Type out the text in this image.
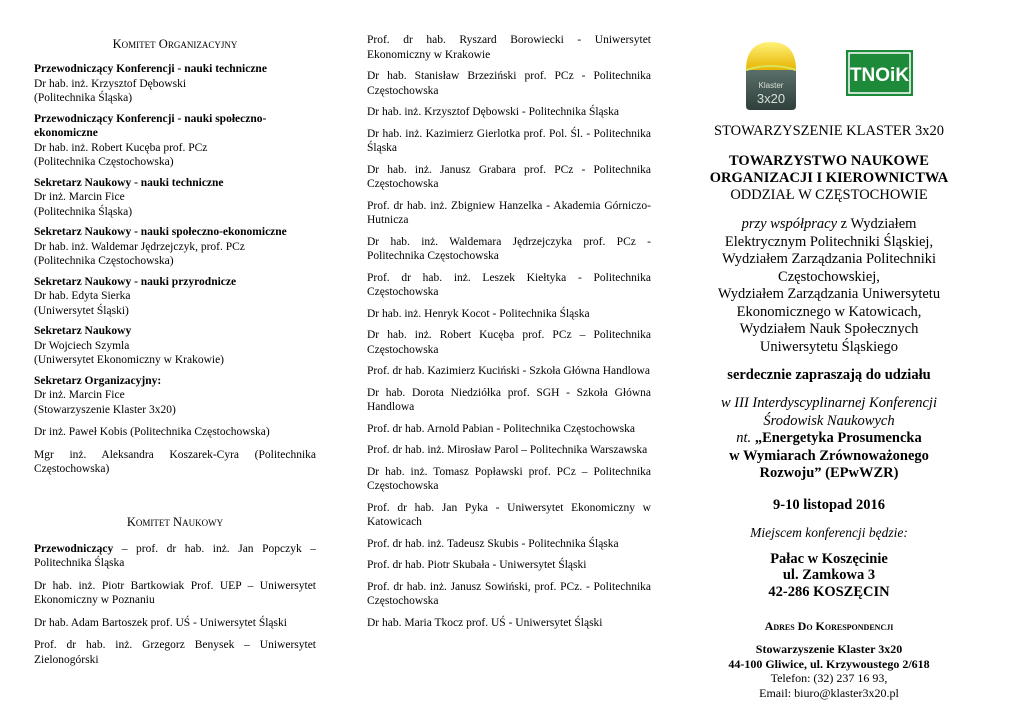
Komitet Organizacyjny

Przewodniczący Konferencji - nauki techniczne

Dr hab. inż. Krzysztof Dębowski

(Politechnika Śląska)

Przewodniczący Konferencji - nauki społeczno-ekonomiczne

Dr hab. inż. Robert Kucęba prof. PCz

(Politechnika Częstochowska)

Sekretarz Naukowy - nauki techniczne

Dr inż. Marcin Fice

(Politechnika Śląska)

Sekretarz Naukowy - nauki społeczno-ekonomiczne

Dr hab. inż. Waldemar Jędrzejczyk, prof. PCz

(Politechnika Częstochowska)

Sekretarz Naukowy - nauki przyrodnicze

Dr hab. Edyta Sierka

(Uniwersytet Śląski)

Sekretarz Naukowy

Dr Wojciech Szymla

(Uniwersytet Ekonomiczny w Krakowie)

Sekretarz Organizacyjny:

Dr inż. Marcin Fice

(Stowarzyszenie Klaster 3x20)

Dr inż. Paweł Kobis (Politechnika Częstochowska)

Mgr inż. Aleksandra Koszarek-Cyra (Politechnika Częstochowska)

Komitet Naukowy

Przewodniczący – prof. dr hab. inż. Jan Popczyk – Politechnika Śląska

Dr hab. inż. Piotr Bartkowiak Prof. UEP – Uniwersytet Ekonomiczny w Poznaniu

Dr hab. Adam Bartoszek prof. UŚ - Uniwersytet Śląski

Prof. dr hab. inż. Grzegorz Benysek – Uniwersytet Zielonogórski

Prof. dr hab. Ryszard Borowiecki - Uniwersytet Ekonomiczny w Krakowie

Dr hab. Stanisław Brzeziński prof. PCz - Politechnika Częstochowska

Dr hab. inż. Krzysztof Dębowski - Politechnika Śląska

Dr hab. inż. Kazimierz Gierlotka prof. Pol. Śl. - Politechnika Śląska

Dr hab. inż. Janusz Grabara prof. PCz - Politechnika Częstochowska

Prof. dr hab. inż. Zbigniew Hanzelka - Akademia Górniczo-Hutnicza

Dr hab. inż. Waldemara Jędrzejczyka prof. PCz - Politechnika Częstochowska

Prof. dr hab. inż. Leszek Kiełtyka - Politechnika Częstochowska

Dr hab. inż. Henryk Kocot - Politechnika Śląska

Dr hab. inż. Robert Kucęba prof. PCz – Politechnika Częstochowska

Prof. dr hab. Kazimierz Kuciński - Szkoła Główna Handlowa

Dr hab. Dorota Niedziółka prof. SGH - Szkoła Główna Handlowa

Prof. dr hab. Arnold Pabian - Politechnika Częstochowska

Prof. dr hab. inż. Mirosław Parol – Politechnika Warszawska

Dr hab. inż. Tomasz Popławski prof. PCz – Politechnika Częstochowska

Prof. dr hab. Jan Pyka - Uniwersytet Ekonomiczny w Katowicach

Prof. dr hab. inż. Tadeusz Skubis - Politechnika Śląska

Prof. dr hab. Piotr Skubała - Uniwersytet Śląski

Prof. dr hab. inż. Janusz Sowiński, prof. PCz. - Politechnika Częstochowska

Dr hab. Maria Tkocz prof. UŚ - Uniwersytet Śląski

Klaster
3x20
TNOiK

STOWARZYSZENIE KLASTER 3x20

TOWARZYSTWO NAUKOWE

ORGANIZACJI I KIEROWNICTWA

ODDZIAŁ W CZĘSTOCHOWIE

przy współpracy z Wydziałem

Elektrycznym Politechniki Śląskiej,

Wydziałem Zarządzania Politechniki

Częstochowskiej,

Wydziałem Zarządzania Uniwersytetu

Ekonomicznego w Katowicach,

Wydziałem Nauk Społecznych

Uniwersytetu Śląskiego

serdecznie zapraszają do udziału

w III Interdyscyplinarnej Konferencji

Środowisk Naukowych

nt. „Energetyka Prosumencka

w Wymiarach Zrównoważonego

Rozwoju” (EPwWZR)

9-10 listopad 2016

Miejscem konferencji będzie:

Pałac w Koszęcinie

ul. Zamkowa 3

42-286 KOSZĘCIN

Adres Do Korespondencji

Stowarzyszenie Klaster 3x20

44-100 Gliwice, ul. Krzywoustego 2/618

Telefon: (32) 237 16 93,

Email: biuro@klaster3x20.pl
